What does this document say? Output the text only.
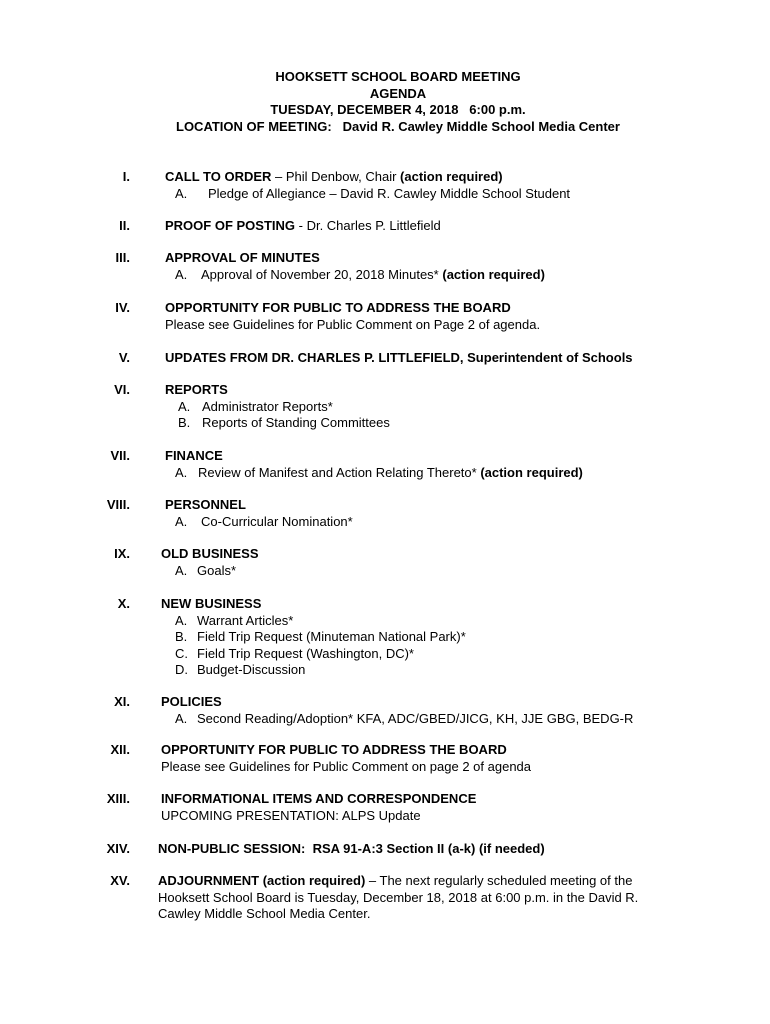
HOOKSETT SCHOOL BOARD MEETING
AGENDA
TUESDAY, DECEMBER 4, 2018   6:00 p.m.
LOCATION OF MEETING:   David R. Cawley Middle School Media Center
I.	CALL TO ORDER – Phil Denbow, Chair (action required)
A. Pledge of Allegiance – David R. Cawley Middle School Student
II.	PROOF OF POSTING - Dr. Charles P. Littlefield
III.	APPROVAL OF MINUTES
A. Approval of November 20, 2018 Minutes* (action required)
IV.	OPPORTUNITY FOR PUBLIC TO ADDRESS THE BOARD
Please see Guidelines for Public Comment on Page 2 of agenda.
V.	UPDATES FROM DR. CHARLES P. LITTLEFIELD, Superintendent of Schools
VI.	REPORTS
A. Administrator Reports*
B. Reports of Standing Committees
VII.	FINANCE
A. Review of Manifest and Action Relating Thereto* (action required)
VIII.	PERSONNEL
A. Co-Curricular Nomination*
IX. OLD BUSINESS
A. Goals*
X. NEW BUSINESS
A. Warrant Articles*
B. Field Trip Request (Minuteman National Park)*
C. Field Trip Request (Washington, DC)*
D. Budget-Discussion
XI. POLICIES
A. Second Reading/Adoption* KFA, ADC/GBED/JICG, KH, JJE GBG, BEDG-R
XII. OPPORTUNITY FOR PUBLIC TO ADDRESS THE BOARD
Please see Guidelines for Public Comment on page 2 of agenda
XIII. INFORMATIONAL ITEMS AND CORRESPONDENCE
UPCOMING PRESENTATION: ALPS Update
XIV. NON-PUBLIC SESSION:  RSA 91-A:3 Section II (a-k) (if needed)
XV. ADJOURNMENT (action required) – The next regularly scheduled meeting of the
Hooksett School Board is Tuesday, December 18, 2018 at 6:00 p.m. in the David R.
Cawley Middle School Media Center.
